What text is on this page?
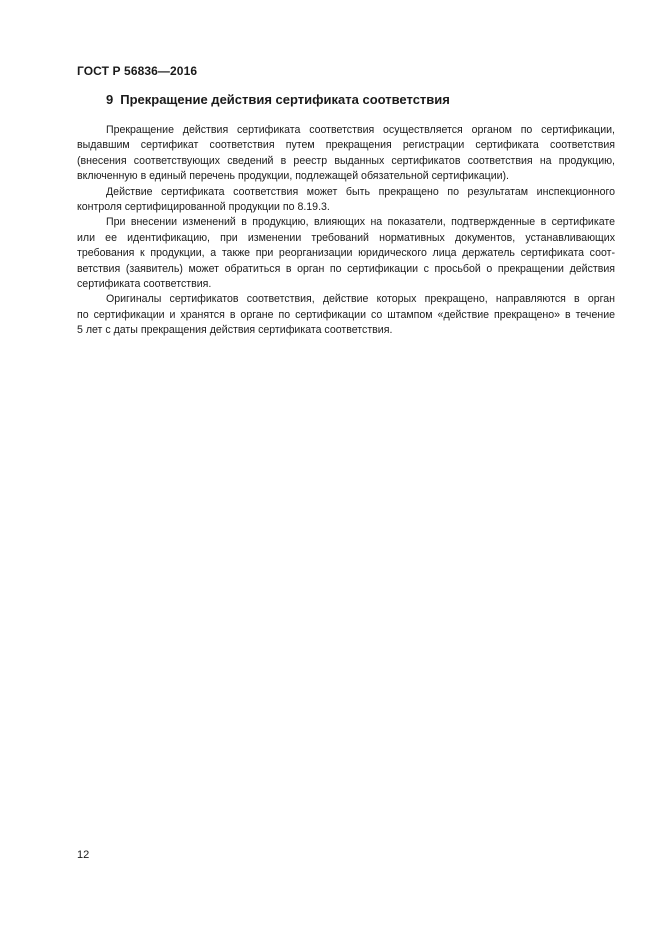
ГОСТ Р 56836—2016
9 Прекращение действия сертификата соответствия

Прекращение действия сертификата соответствия осуществляется органом по сертификации,
выдавшим сертификат соответствия путем прекращения регистрации сертификата соответствия
(внесения соответствующих сведений в реестр выданных сертификатов соответствия на продукцию,
включенную в единый перечень продукции, подлежащей обязательной сертификации).

Действие сертификата соответствия может быть прекращено по результатам инспекционного
контроля сертифицированной продукции по 8.19.3.

При внесении изменений в продукцию, влияющих на показатели, подтвержденные в сертификате
или ее идентификацию, при изменении требований нормативных документов, устанавливающих
требования к продукции, а также при реорганизации юридического лица держатель сертификата соот-
ветствия (заявитель) может обратиться в орган по сертификации с просьбой о прекращении действия
сертификата соответствия.

Оригиналы сертификатов соответствия, действие которых прекращено, направляются в орган
по сертификации и хранятся в органе по сертификации со штампом «действие прекращено» в течение
5 лет с даты прекращения действия сертификата соответствия.

12
